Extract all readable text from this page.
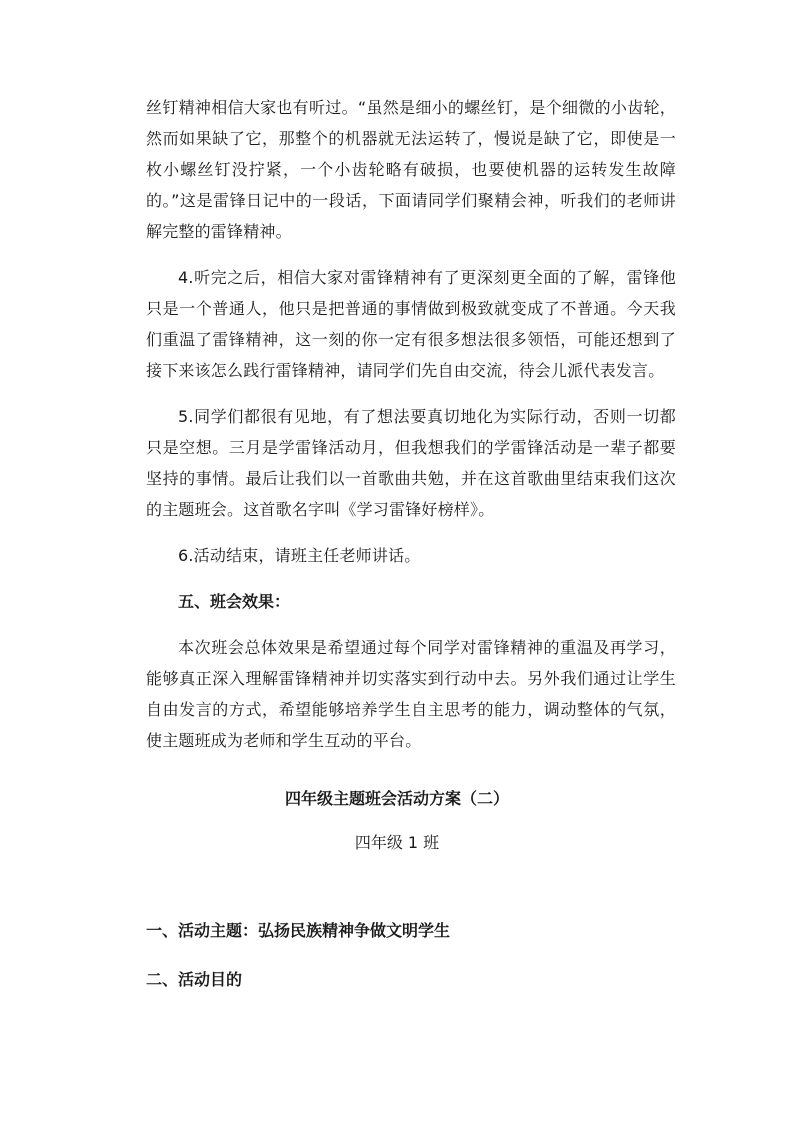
丝钉精神相信大家也有听过。“虽然是细小的螺丝钉，是个细微的小齿轮，然而如果缺了它，那整个的机器就无法运转了，慢说是缺了它，即使是一枚小螺丝钉没拧紧，一个小齿轮略有破损，也要使机器的运转发生故障的。”这是雷锋日记中的一段话，下面请同学们聚精会神，听我们的老师讲解完整的雷锋精神。

4.听完之后，相信大家对雷锋精神有了更深刻更全面的了解，雷锋他只是一个普通人，他只是把普通的事情做到极致就变成了不普通。今天我们重温了雷锋精神，这一刻的你一定有很多想法很多领悟，可能还想到了接下来该怎么践行雷锋精神，请同学们先自由交流，待会儿派代表发言。

5.同学们都很有见地，有了想法要真切地化为实际行动，否则一切都只是空想。三月是学雷锋活动月，但我想我们的学雷锋活动是一辈子都要坚持的事情。最后让我们以一首歌曲共勉，并在这首歌曲里结束我们这次的主题班会。这首歌名字叫《学习雷锋好榜样》。

6.活动结束，请班主任老师讲话。

五、班会效果：

本次班会总体效果是希望通过每个同学对雷锋精神的重温及再学习，能够真正深入理解雷锋精神并切实落实到行动中去。另外我们通过让学生自由发言的方式，希望能够培养学生自主思考的能力，调动整体的气氛，使主题班成为老师和学生互动的平台。

四年级主题班会活动方案（二）

四年级 1 班

一、活动主题：弘扬民族精神争做文明学生

二、活动目的
